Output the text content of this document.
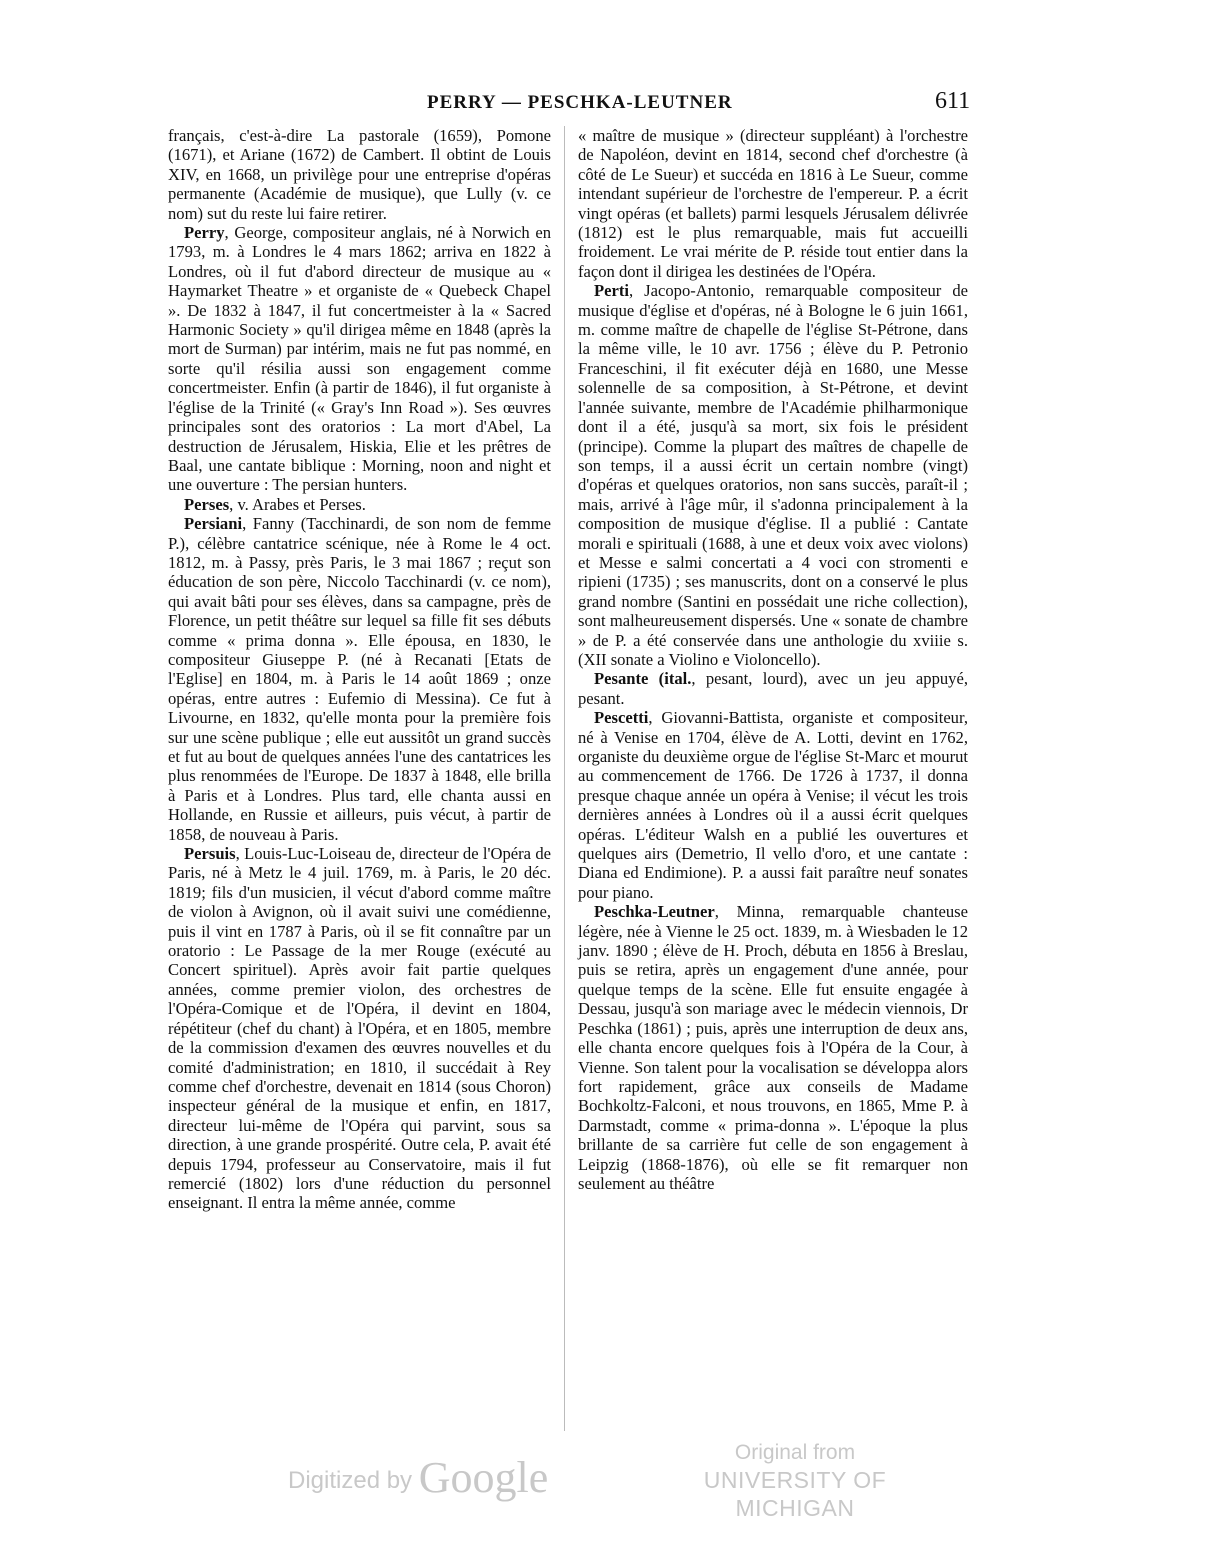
PERRY — PESCHKA-LEUTNER	611

français, c'est-à-dire La pastorale (1659), Pomone (1671), et Ariane (1672) de Cambert. Il obtint de Louis XIV, en 1668, un privilège pour une entreprise d'opéras permanente (Académie de musique), que Lully (v. ce nom) sut du reste lui faire retirer.

Perry, George, compositeur anglais, né à Norwich en 1793, m. à Londres le 4 mars 1862; arriva en 1822 à Londres, où il fut d'abord directeur de musique au « Haymarket Theatre » et organiste de « Quebeck Chapel ». De 1832 à 1847, il fut concertmeister à la « Sacred Harmonic Society » qu'il dirigea même en 1848 (après la mort de Surman) par intérim, mais ne fut pas nommé, en sorte qu'il résilia aussi son engagement comme concertmeister. Enfin (à partir de 1846), il fut organiste à l'église de la Trinité (« Gray's Inn Road »). Ses œuvres principales sont des oratorios : La mort d'Abel, La destruction de Jérusalem, Hiskia, Elie et les prêtres de Baal, une cantate biblique : Morning, noon and night et une ouverture : The persian hunters.

Perses, v. Arabes et Perses.

Persiani, Fanny (Tacchinardi, de son nom de femme P.), célèbre cantatrice scénique, née à Rome le 4 oct. 1812, m. à Passy, près Paris, le 3 mai 1867 ; reçut son éducation de son père, Niccolo Tacchinardi (v. ce nom), qui avait bâti pour ses élèves, dans sa campagne, près de Florence, un petit théâtre sur lequel sa fille fit ses débuts comme « prima donna ». Elle épousa, en 1830, le compositeur Giuseppe P. (né à Recanati [Etats de l'Eglise] en 1804, m. à Paris le 14 août 1869 ; onze opéras, entre autres : Eufemio di Messina). Ce fut à Livourne, en 1832, qu'elle monta pour la première fois sur une scène publique ; elle eut aussitôt un grand succès et fut au bout de quelques années l'une des cantatrices les plus renommées de l'Europe. De 1837 à 1848, elle brilla à Paris et à Londres. Plus tard, elle chanta aussi en Hollande, en Russie et ailleurs, puis vécut, à partir de 1858, de nouveau à Paris.

Persuis, Louis-Luc-Loiseau de, directeur de l'Opéra de Paris, né à Metz le 4 juil. 1769, m. à Paris, le 20 déc. 1819; fils d'un musicien, il vécut d'abord comme maître de violon à Avignon, où il avait suivi une comédienne, puis il vint en 1787 à Paris, où il se fit connaître par un oratorio : Le Passage de la mer Rouge (exécuté au Concert spirituel). Après avoir fait partie quelques années, comme premier violon, des orchestres de l'Opéra-Comique et de l'Opéra, il devint en 1804, répétiteur (chef du chant) à l'Opéra, et en 1805, membre de la commission d'examen des œuvres nouvelles et du comité d'administration; en 1810, il succédait à Rey comme chef d'orchestre, devenait en 1814 (sous Choron) inspecteur général de la musique et enfin, en 1817, directeur lui-même de l'Opéra qui parvint, sous sa direction, à une grande prospérité. Outre cela, P. avait été depuis 1794, professeur au Conservatoire, mais il fut remercié (1802) lors d'une réduction du personnel enseignant. Il entra la même année, comme

« maître de musique » (directeur suppléant) à l'orchestre de Napoléon, devint en 1814, second chef d'orchestre (à côté de Le Sueur) et succéda en 1816 à Le Sueur, comme intendant supérieur de l'orchestre de l'empereur. P. a écrit vingt opéras (et ballets) parmi lesquels Jérusalem délivrée (1812) est le plus remarquable, mais fut accueilli froidement. Le vrai mérite de P. réside tout entier dans la façon dont il dirigea les destinées de l'Opéra.

Perti, Jacopo-Antonio, remarquable compositeur de musique d'église et d'opéras, né à Bologne le 6 juin 1661, m. comme maître de chapelle de l'église St-Pétrone, dans la même ville, le 10 avr. 1756 ; élève du P. Petronio Franceschini, il fit exécuter déjà en 1680, une Messe solennelle de sa composition, à St-Pétrone, et devint l'année suivante, membre de l'Académie philharmonique dont il a été, jusqu'à sa mort, six fois le président (principe). Comme la plupart des maîtres de chapelle de son temps, il a aussi écrit un certain nombre (vingt) d'opéras et quelques oratorios, non sans succès, paraît-il ; mais, arrivé à l'âge mûr, il s'adonna principalement à la composition de musique d'église. Il a publié : Cantate morali e spirituali (1688, à une et deux voix avec violons) et Messe e salmi concertati a 4 voci con stromenti e ripieni (1735) ; ses manuscrits, dont on a conservé le plus grand nombre (Santini en possédait une riche collection), sont malheureusement dispersés. Une « sonate de chambre » de P. a été conservée dans une anthologie du xviiie s. (XII sonate a Violino e Violoncello).

Pesante (ital., pesant, lourd), avec un jeu appuyé, pesant.

Pescetti, Giovanni-Battista, organiste et compositeur, né à Venise en 1704, élève de A. Lotti, devint en 1762, organiste du deuxième orgue de l'église St-Marc et mourut au commencement de 1766. De 1726 à 1737, il donna presque chaque année un opéra à Venise; il vécut les trois dernières années à Londres où il a aussi écrit quelques opéras. L'éditeur Walsh en a publié les ouvertures et quelques airs (Demetrio, Il vello d'oro, et une cantate : Diana ed Endimione). P. a aussi fait paraître neuf sonates pour piano.

Peschka-Leutner, Minna, remarquable chanteuse légère, née à Vienne le 25 oct. 1839, m. à Wiesbaden le 12 janv. 1890 ; élève de H. Proch, débuta en 1856 à Breslau, puis se retira, après un engagement d'une année, pour quelque temps de la scène. Elle fut ensuite engagée à Dessau, jusqu'à son mariage avec le médecin viennois, Dr Peschka (1861) ; puis, après une interruption de deux ans, elle chanta encore quelques fois à l'Opéra de la Cour, à Vienne. Son talent pour la vocalisation se développa alors fort rapidement, grâce aux conseils de Madame Bochkoltz-Falconi, et nous trouvons, en 1865, Mme P. à Darmstadt, comme « prima-donna ». L'époque la plus brillante de sa carrière fut celle de son engagement à Leipzig (1868-1876), où elle se fit remarquer non seulement au théâtre

Digitized by Google
Original from
UNIVERSITY OF MICHIGAN
